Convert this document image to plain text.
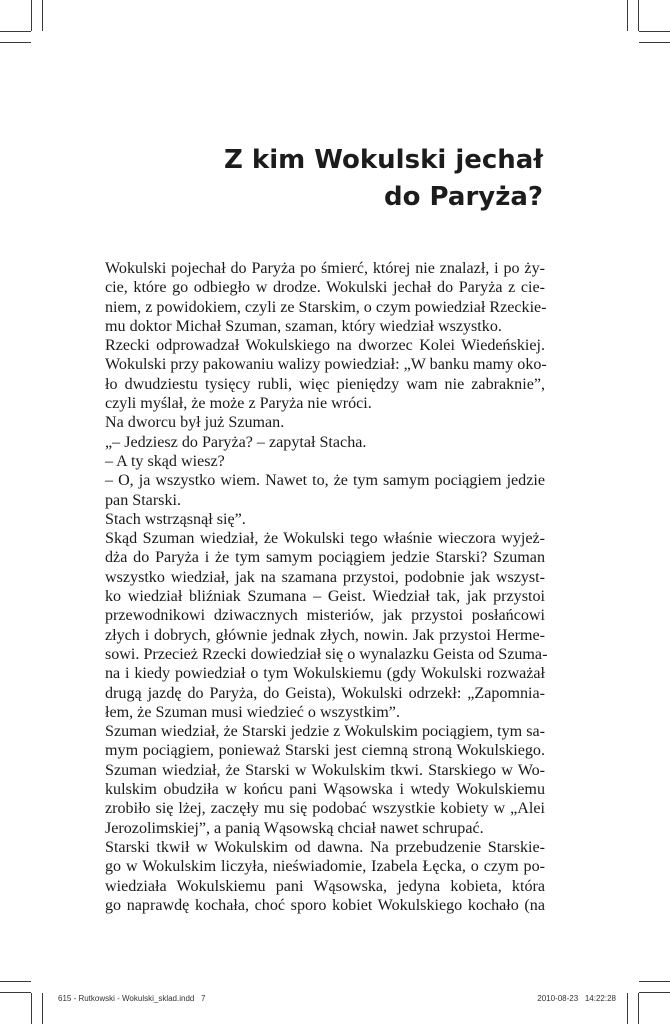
Z kim Wokulski jechał
do Paryża?
Wokulski pojechał do Paryża po śmierć, której nie znalazł, i po ży-
cie, które go odbiegło w drodze. Wokulski jechał do Paryża z cie-
niem, z powidokiem, czyli ze Starskim, o czym powiedział Rzeckie-
mu doktor Michał Szuman, szaman, który wiedział wszystko.
Rzecki odprowadzał Wokulskiego na dworzec Kolei Wiedeńskiej.
Wokulski przy pakowaniu walizy powiedział: „W banku mamy oko-
ło dwudziestu tysięcy rubli, więc pieniędzy wam nie zabraknie”,
czyli myślał, że może z Paryża nie wróci.
Na dworcu był już Szuman.
„– Jedziesz do Paryża? – zapytał Stacha.
– A ty skąd wiesz?
– O, ja wszystko wiem. Nawet to, że tym samym pociągiem jedzie
pan Starski.
Stach wstrząsnął się”.
Skąd Szuman wiedział, że Wokulski tego właśnie wieczora wyjeż-
dża do Paryża i że tym samym pociągiem jedzie Starski? Szuman
wszystko wiedział, jak na szamana przystoi, podobnie jak wszyst-
ko wiedział bliźniak Szumana – Geist. Wiedział tak, jak przystoi
przewodnikowi dziwacznych misteriów, jak przystoi posłańcowi
złych i dobrych, głównie jednak złych, nowin. Jak przystoi Herme-
sowi. Przecież Rzecki dowiedział się o wynalazku Geista od Szuma-
na i kiedy powiedział o tym Wokulskiemu (gdy Wokulski rozważał
drugą jazdę do Paryża, do Geista), Wokulski odrzekł: „Zapomnia-
łem, że Szuman musi wiedzieć o wszystkim”.
Szuman wiedział, że Starski jedzie z Wokulskim pociągiem, tym sa-
mym pociągiem, ponieważ Starski jest ciemną stroną Wokulskiego.
Szuman wiedział, że Starski w Wokulskim tkwi. Starskiego w Wo-
kulskim obudziła w końcu pani Wąsowska i wtedy Wokulskiemu
zrobiło się lżej, zaczęły mu się podobać wszystkie kobiety w „Alei
Jerozolimskiej”, a panią Wąsowską chciał nawet schrupać.
Starski tkwił w Wokulskim od dawna. Na przebudzenie Starskie-
go w Wokulskim liczyła, nieświadomie, Izabela Łęcka, o czym po-
wiedziała Wokulskiemu pani Wąsowska, jedyna kobieta, która
go naprawdę kochała, choć sporo kobiet Wokulskiego kochało (na
615 - Rutkowski - Wokulski_sklad.indd   7	2010-08-23   14:22:28
